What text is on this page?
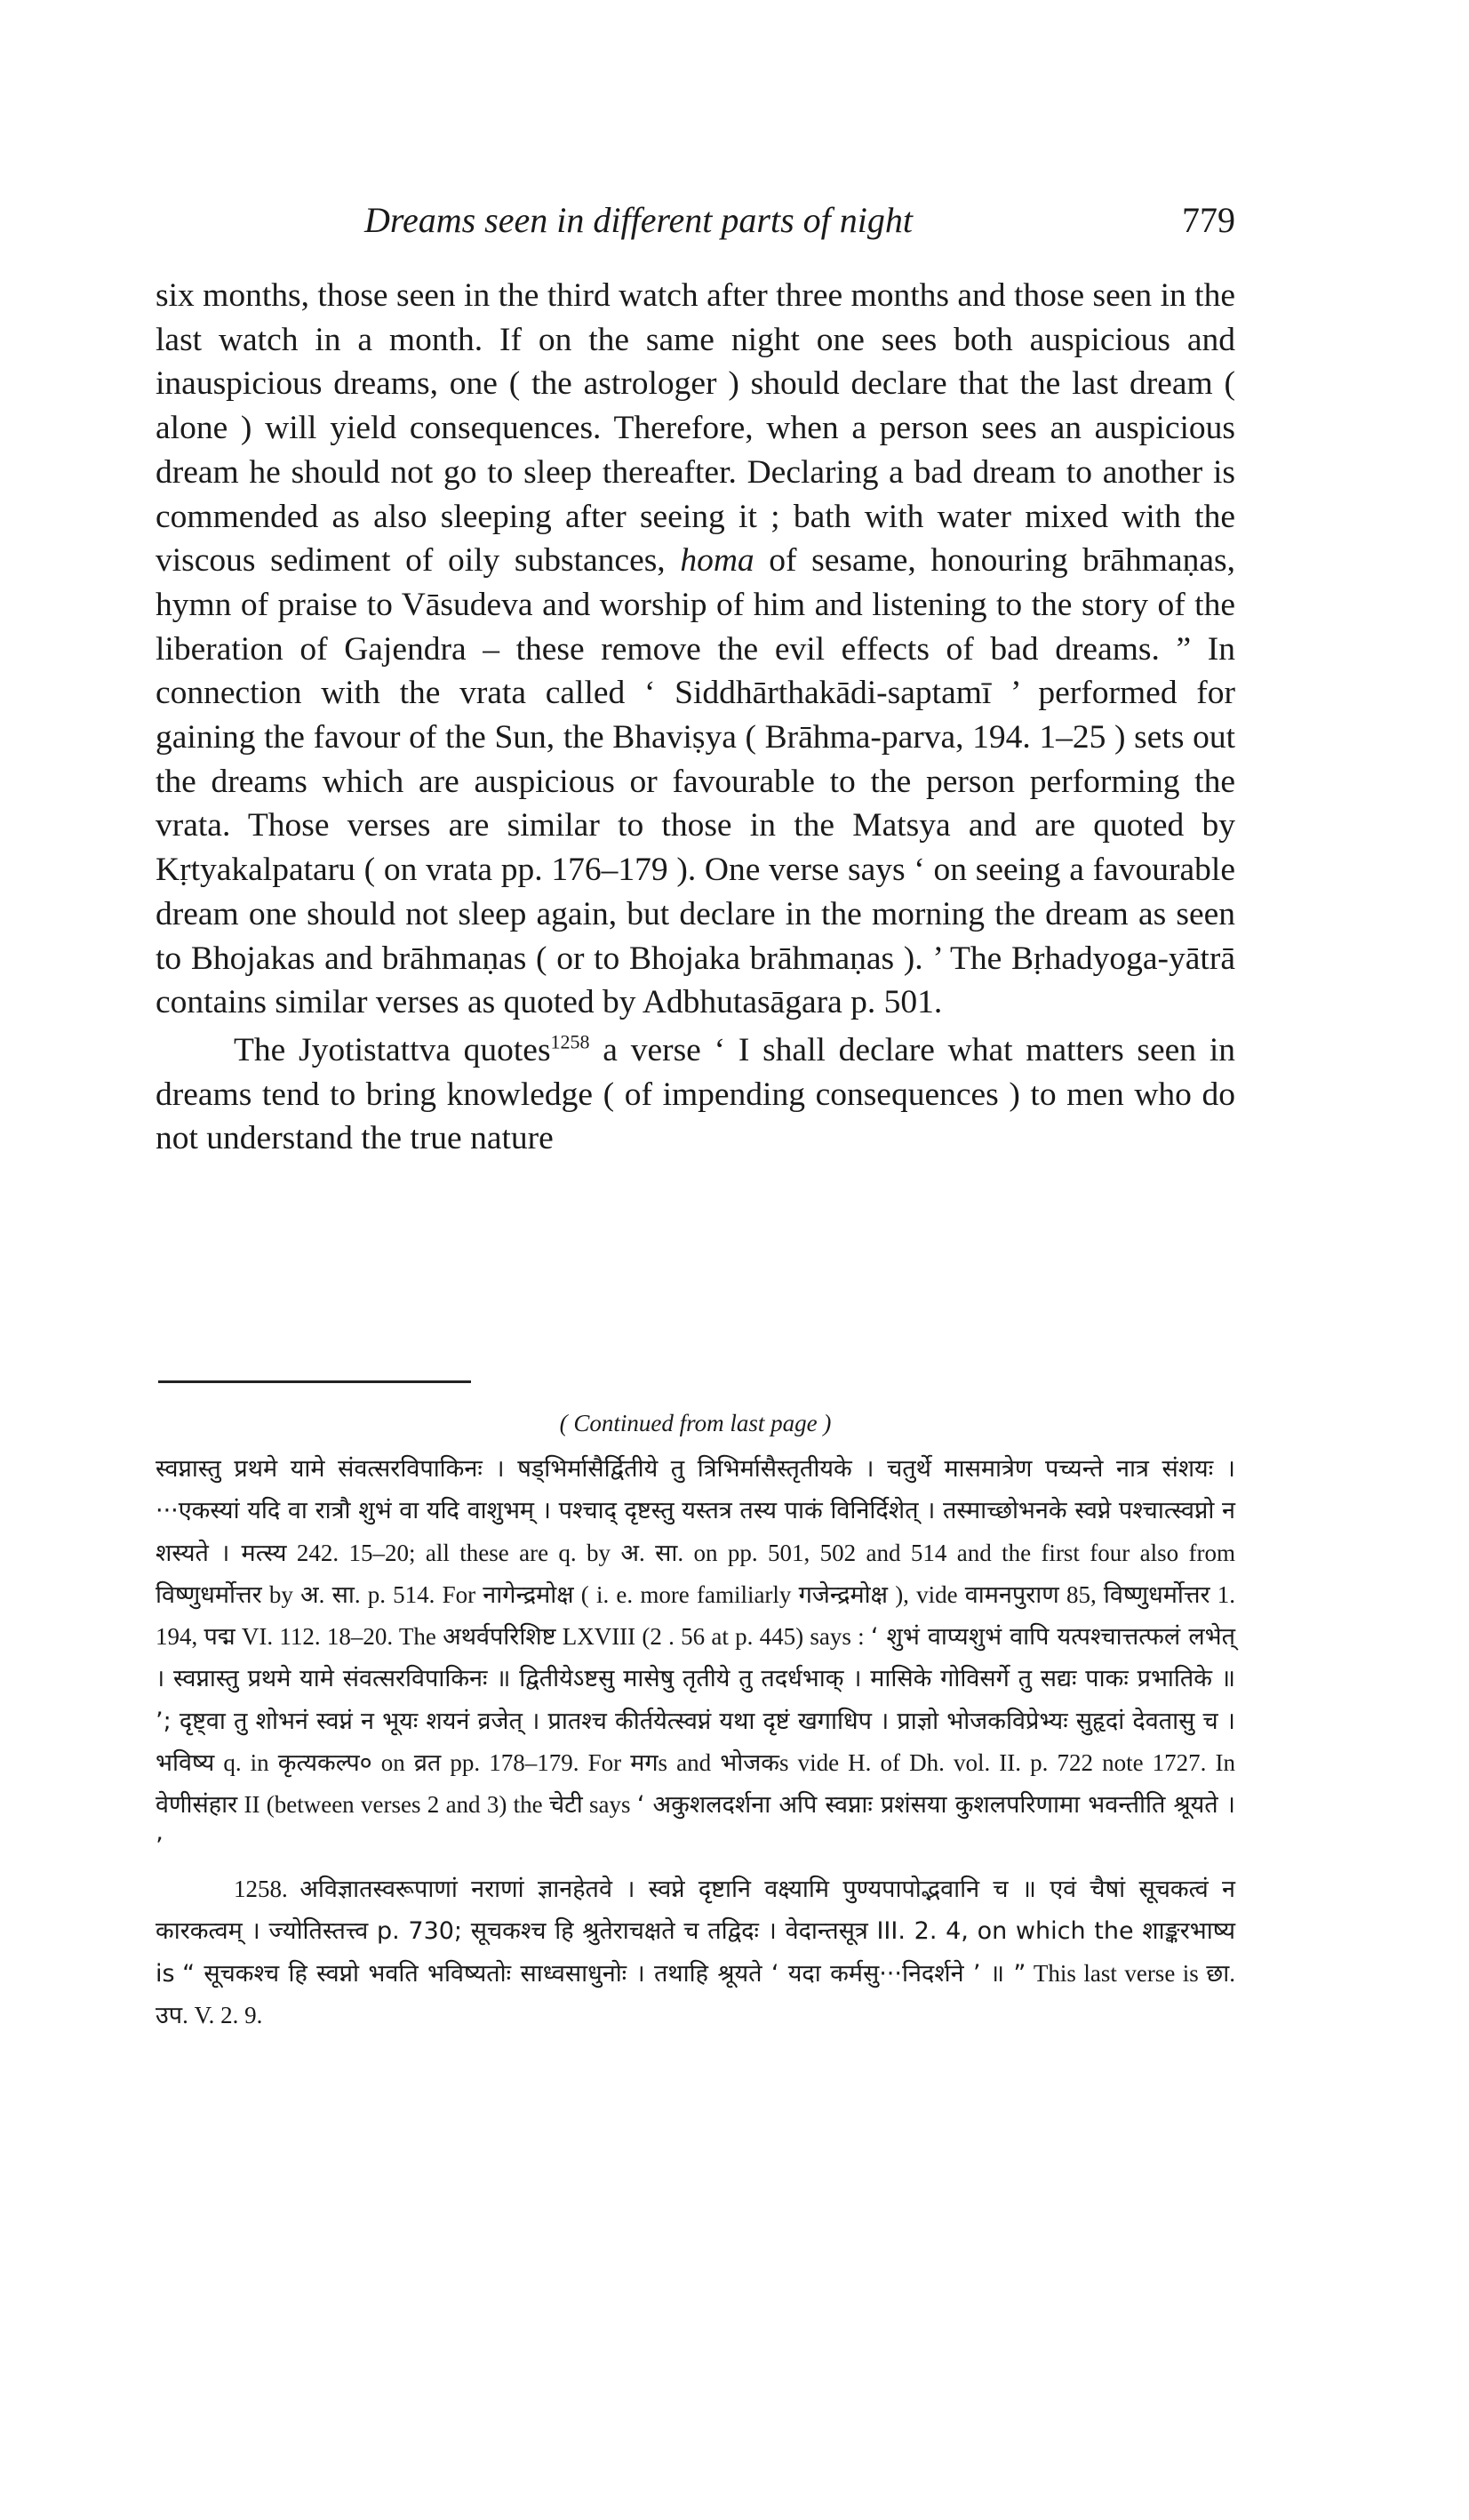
Dreams seen in different parts of night	779

six months, those seen in the third watch after three months and those seen in the last watch in a month. If on the same night one sees both auspicious and inauspicious dreams, one ( the astrologer ) should declare that the last dream ( alone ) will yield consequences. Therefore, when a person sees an auspicious dream he should not go to sleep thereafter. Declaring a bad dream to another is commended as also sleeping after seeing it ; bath with water mixed with the viscous sediment of oily substances, homa of sesame, honouring brāhmaṇas, hymn of praise to Vāsudeva and worship of him and listening to the story of the liberation of Gajendra – these remove the evil effects of bad dreams. ” In connection with the vrata called ‘ Siddhārthakādi-saptamī ’ performed for gaining the favour of the Sun, the Bhaviṣya ( Brāhma-parva, 194. 1–25 ) sets out the dreams which are auspicious or favourable to the person performing the vrata. Those verses are similar to those in the Matsya and are quoted by Kṛtyakalpataru ( on vrata pp. 176–179 ). One verse says ‘ on seeing a favourable dream one should not sleep again, but declare in the morning the dream as seen to Bhojakas and brāhmaṇas ( or to Bhojaka brāhmaṇas ). ’ The Bṛhadyoga-yātrā contains similar verses as quoted by Adbhutasāgara p. 501.

The Jyotistattva quotes$^{1258}$ a verse ‘ I shall declare what matters seen in dreams tend to bring knowledge ( of impending consequences ) to men who do not understand the true nature

( Continued from last page )

स्वप्नास्तु प्रथमे यामे संवत्सरविपाकिनः । षड्भिर्मासैर्द्वितीये तु त्रिभिर्मासैस्तृतीयके । चतुर्थे मासमात्रेण पच्यन्ते नात्र संशयः ।···एकस्यां यदि वा रात्रौ शुभं वा यदि वाशुभम् । पश्चाद् दृष्टस्तु यस्तत्र तस्य पाकं विनिर्दिशेत् । तस्माच्छोभनके स्वप्ने पश्चात्स्वप्नो न शस्यते । मत्स्य 242. 15–20; all these are q. by अ. सा. on pp. 501, 502 and 514 and the first four also from विष्णुधर्मोत्तर by अ. सा. p. 514. For नागेन्द्रमोक्ष ( i. e. more familiarly गजेन्द्रमोक्ष ), vide वामनपुराण 85, विष्णुधर्मोत्तर 1. 194, पद्म VI. 112. 18–20. The अथर्वपरिशिष्ट LXVIII (2 . 56 at p. 445) says : ‘ शुभं वाप्यशुभं वापि यत्पश्चात्तत्फलं लभेत् । स्वप्नास्तु प्रथमे यामे संवत्सरविपाकिनः ॥ द्वितीयेऽष्टसु मासेषु तृतीये तु तदर्धभाक् । मासिके गोविसर्गे तु सद्यः पाकः प्रभातिके ॥ ’; दृष्ट्वा तु शोभनं स्वप्नं न भूयः शयनं व्रजेत् । प्रातश्च कीर्तयेत्स्वप्नं यथा दृष्टं खगाधिप । प्राज्ञो भोजकविप्रेभ्यः सुहृदां देवतासु च । भविष्य q. in कृत्यकल्प० on व्रत pp. 178–179. For मगs and भोजकs vide H. of Dh. vol. II. p. 722 note 1727. In वेणीसंहार II (between verses 2 and 3) the चेटी says ‘ अकुशलदर्शना अपि स्वप्नाः प्रशंसया कुशलपरिणामा भवन्तीति श्रूयते । ’

1258. अविज्ञातस्वरूपाणां नराणां ज्ञानहेतवे । स्वप्ने दृष्टानि वक्ष्यामि पुण्यपापोद्भवानि च ॥ एवं चैषां सूचकत्वं न कारकत्वम् । ज्योतिस्तत्त्व p. 730; सूचकश्च हि श्रुतेराचक्षते च तद्विदः । वेदान्तसूत्र III. 2. 4, on which the शाङ्करभाष्य is “ सूचकश्च हि स्वप्नो भवति भविष्यतोः साध्वसाधुनोः । तथाहि श्रूयते ‘ यदा कर्मसु···निदर्शने ’ ॥ ” This last verse is छा. उप. V. 2. 9.
